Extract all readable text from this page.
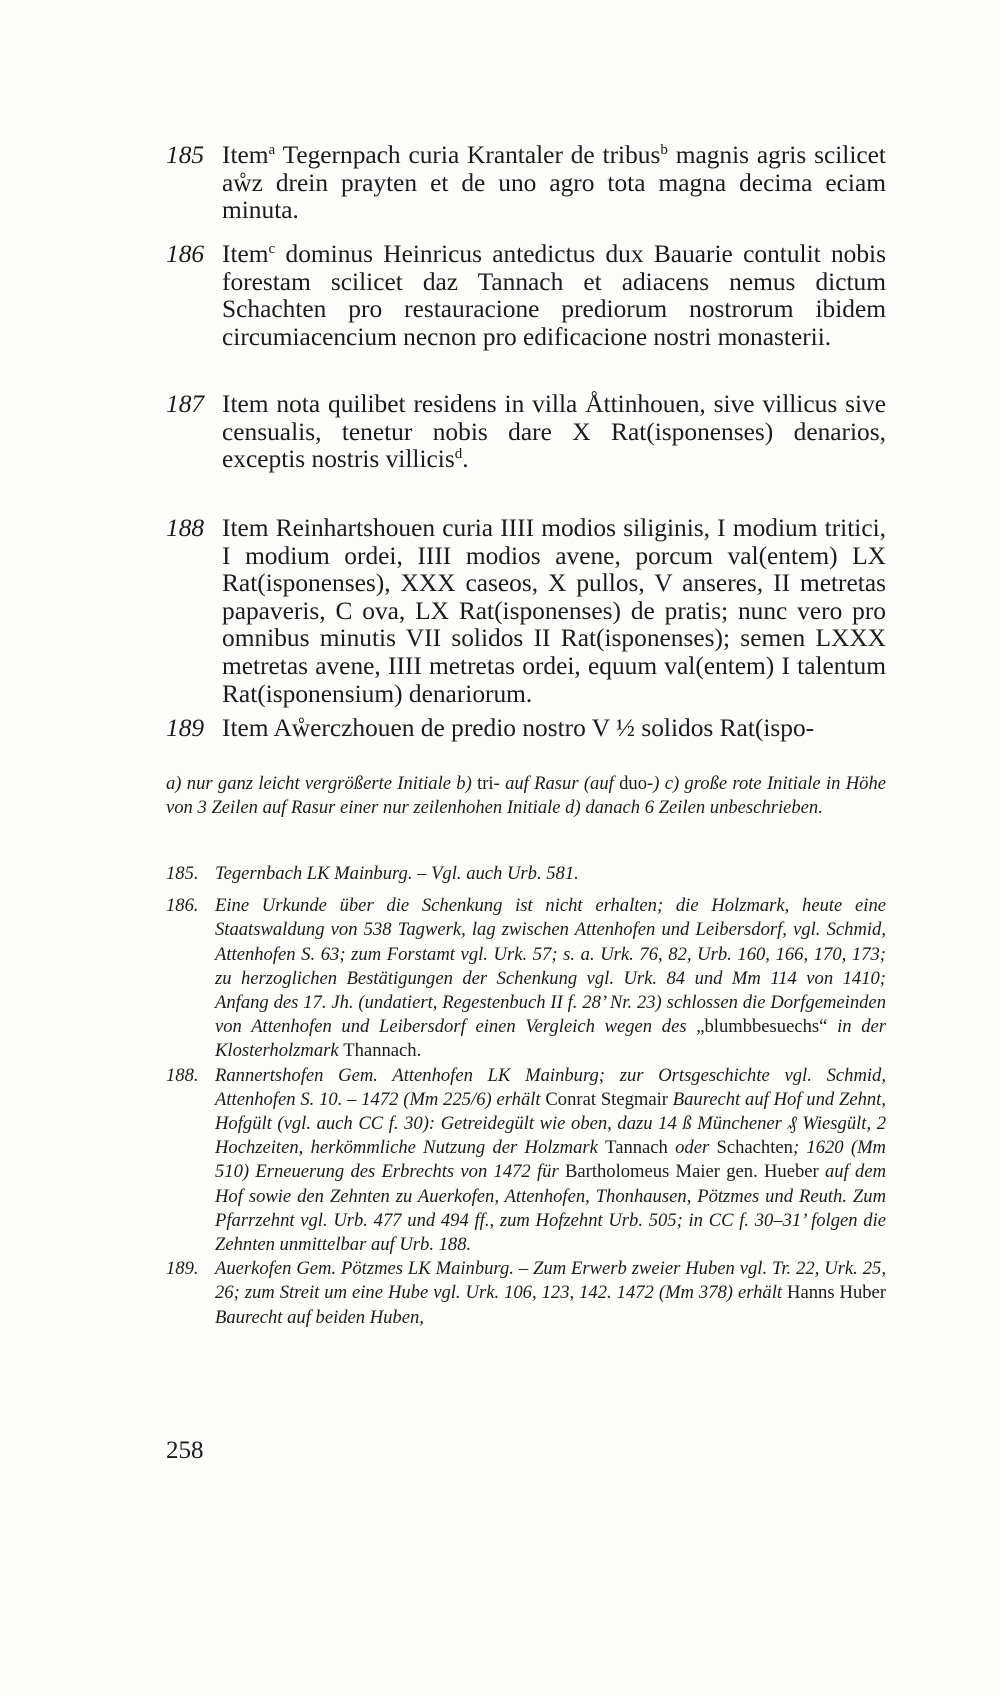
185 Item$^a$ Tegernpach curia Krantaler de tribus$^b$ magnis agris scilicet aẘz drein prayten et de uno agro tota magna decima eciam minuta.
186 Item$^c$ dominus Heinricus antedictus dux Bauarie contulit nobis forestam scilicet daz Tannach et adiacens nemus dictum Schachten pro restauracione prediorum nostrorum ibidem circumiacencium necnon pro edificacione nostri monasterii.
187 Item nota quilibet residens in villa Åttinhouen, sive villicus sive censualis, tenetur nobis dare X Rat(isponenses) denarios, exceptis nostris villicis$^d$.
188 Item Reinhartshouen curia IIII modios siliginis, I modium tritici, I modium ordei, IIII modios avene, porcum val(entem) LX Rat(isponenses), XXX caseos, X pullos, V anseres, II metretas papaveris, C ova, LX Rat(isponenses) de pratis; nunc vero pro omnibus minutis VII solidos II Rat(isponenses); semen LXXX metretas avene, IIII metretas ordei, equum val(entem) I talentum Rat(isponensium) denariorum.
189 Item Aẘerczhouen de predio nostro V ½ solidos Rat(ispo-
a) nur ganz leicht vergrößerte Initiale b) tri- auf Rasur (auf duo-) c) große rote Initiale in Höhe von 3 Zeilen auf Rasur einer nur zeilenhohen Initiale d) danach 6 Zeilen unbeschrieben.
185. Tegernbach LK Mainburg. – Vgl. auch Urb. 581.
186. Eine Urkunde über die Schenkung ist nicht erhalten; die Holzmark, heute eine Staatswaldung von 538 Tagwerk, lag zwischen Attenhofen und Leibersdorf, vgl. Schmid, Attenhofen S. 63; zum Forstamt vgl. Urk. 57; s. a. Urk. 76, 82, Urb. 160, 166, 170, 173; zu herzoglichen Bestätigungen der Schenkung vgl. Urk. 84 und Mm 114 von 1410; Anfang des 17. Jh. (undatiert, Regestenbuch II f. 28’ Nr. 23) schlossen die Dorfgemeinden von Attenhofen und Leibersdorf einen Vergleich wegen des „blumbbesuechs“ in der Klosterholzmark Thannach.
188. Rannertshofen Gem. Attenhofen LK Mainburg; zur Ortsgeschichte vgl. Schmid, Attenhofen S. 10. – 1472 (Mm 225/6) erhält Conrat Stegmair Baurecht auf Hof und Zehnt, Hofgült (vgl. auch CC f. 30): Getreidegült wie oben, dazu 14 ß Münchener ₰ Wiesgült, 2 Hochzeiten, herkömmliche Nutzung der Holzmark Tannach oder Schachten; 1620 (Mm 510) Erneuerung des Erbrechts von 1472 für Bartholomeus Maier gen. Hueber auf dem Hof sowie den Zehnten zu Auerkofen, Attenhofen, Thonhausen, Pötzmes und Reuth. Zum Pfarrzehnt vgl. Urb. 477 und 494 ff., zum Hofzehnt Urb. 505; in CC f. 30–31’ folgen die Zehnten unmittelbar auf Urb. 188.
189. Auerkofen Gem. Pötzmes LK Mainburg. – Zum Erwerb zweier Huben vgl. Tr. 22, Urk. 25, 26; zum Streit um eine Hube vgl. Urk. 106, 123, 142. 1472 (Mm 378) erhält Hanns Huber Baurecht auf beiden Huben,
258
